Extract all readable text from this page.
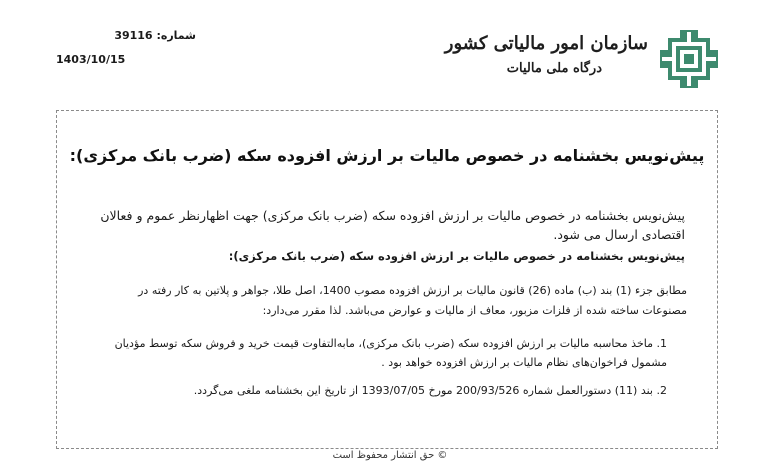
سازمان امور مالیاتی کشور
درگاه ملی مالیات
شماره: 39116
1403/10/15
پیش‌نویس بخشنامه در خصوص مالیات بر ارزش افزوده سکه (ضرب بانک مرکزی):
پیش‌نویس بخشنامه در خصوص مالیات بر ارزش افزوده سکه (ضرب بانک مرکزی) جهت اظهارنظر عموم و فعالان اقتصادی ارسال می شود.
پیش‌نویس بخشنامه در خصوص مالیات بر ارزش افزوده سکه (ضرب بانک مرکزی):
مطابق جزء (1) بند (ب) ماده (26) قانون مالیات بر ارزش افزوده مصوب 1400، اصل طلا، جواهر و پلاتین به کار رفته در مصنوعات ساخته شده از فلزات مزبور، معاف از مالیات و عوارض می‌باشد. لذا مقرر می‌دارد:
1. ماخذ محاسبه مالیات بر ارزش افزوده سکه (ضرب بانک مرکزی)، مابه‌التفاوت قیمت خرید و فروش سکه توسط مؤدیان مشمول فراخوان‌های نظام مالیات بر ارزش افزوده خواهد بود .
2. بند (11) دستورالعمل شماره 200/93/526 مورخ 1393/07/05 از تاریخ این بخشنامه ملغی می‌گردد.
© حق انتشار محفوظ است
